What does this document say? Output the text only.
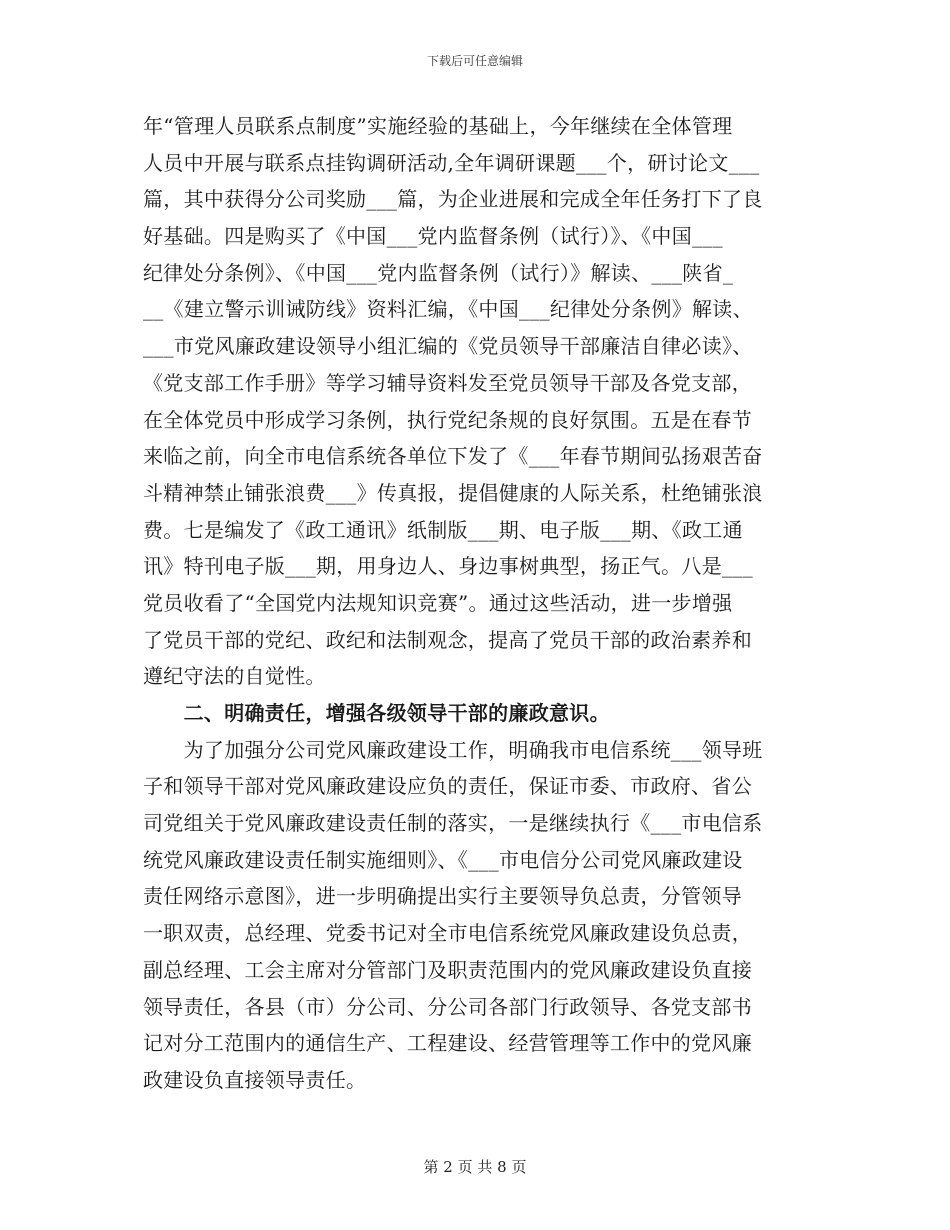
下载后可任意编辑
年“管理人员联系点制度”实施经验的基础上，今年继续在全体管理
人员中开展与联系点挂钩调研活动,全年调研课题___个，研讨论文___
篇，其中获得分公司奖励___篇，为企业进展和完成全年任务打下了良
好基础。四是购买了《中国___党内监督条例（试行）》、《中国___
纪律处分条例》、《中国___党内监督条例（试行）》解读、___陕省_
__《建立警示训诫防线》资料汇编，《中国___纪律处分条例》解读、
___市党风廉政建设领导小组汇编的《党员领导干部廉洁自律必读》、
《党支部工作手册》等学习辅导资料发至党员领导干部及各党支部，
在全体党员中形成学习条例，执行党纪条规的良好氛围。五是在春节
来临之前，向全市电信系统各单位下发了《___年春节期间弘扬艰苦奋
斗精神禁止铺张浪费___》传真报，提倡健康的人际关系，杜绝铺张浪
费。七是编发了《政工通讯》纸制版___期、电子版___期、《政工通
讯》特刊电子版___期，用身边人、身边事树典型，扬正气。八是___
党员收看了“全国党内法规知识竞赛”。通过这些活动，进一步增强
了党员干部的党纪、政纪和法制观念，提高了党员干部的政治素养和
遵纪守法的自觉性。
　　二、明确责任，增强各级领导干部的廉政意识。
　　为了加强分公司党风廉政建设工作，明确我市电信系统___领导班
子和领导干部对党风廉政建设应负的责任，保证市委、市政府、省公
司党组关于党风廉政建设责任制的落实，一是继续执行《___市电信系
统党风廉政建设责任制实施细则》、《___市电信分公司党风廉政建设
责任网络示意图》，进一步明确提出实行主要领导负总责，分管领导
一职双责，总经理、党委书记对全市电信系统党风廉政建设负总责，
副总经理、工会主席对分管部门及职责范围内的党风廉政建设负直接
领导责任，各县（市）分公司、分公司各部门行政领导、各党支部书
记对分工范围内的通信生产、工程建设、经营管理等工作中的党风廉
政建设负直接领导责任。
第 2 页 共 8 页
